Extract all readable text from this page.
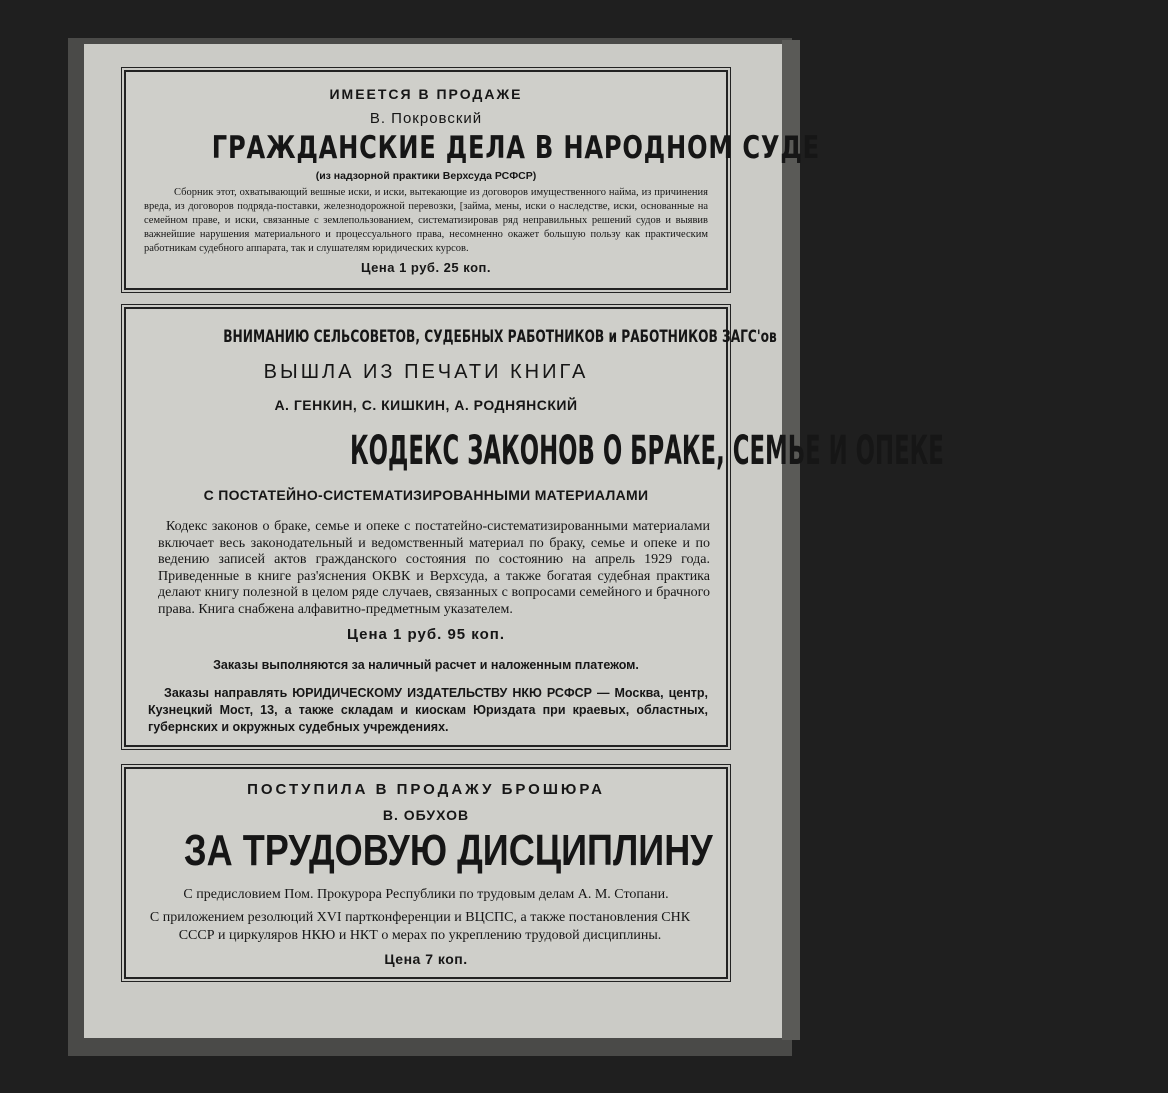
ИМЕЕТСЯ В ПРОДАЖЕ
В. Покровский
ГРАЖДАНСКИЕ ДЕЛА В НАРОДНОМ СУДЕ
(из надзорной практики Верхсуда РСФСР)
Сборник этот, охватывающий вешные иски, и иски, вытекающие из договоров имущественного найма, из причинения вреда, из договоров подряда-поставки, железнодорожной перевозки, [займа, мены, иски о наследстве, иски, основанные на семейном праве, и иски, связанные с землепользованием, систематизировав ряд неправильных решений судов и выявив важнейшие нарушения материального и процессуального права, несомненно окажет большую пользу как практическим работникам судебного аппарата, так и слушателям юридических курсов.
Цена 1 руб. 25 коп.
ВНИМАНИЮ СЕЛЬСОВЕТОВ, СУДЕБНЫХ РАБОТНИКОВ и РАБОТНИКОВ ЗАГС'ов
ВЫШЛА ИЗ ПЕЧАТИ КНИГА
А. ГЕНКИН, С. КИШКИН, А. РОДНЯНСКИЙ
КОДЕКС ЗАКОНОВ О БРАКЕ, СЕМЬЕ И ОПЕКЕ
С ПОСТАТЕЙНО-СИСТЕМАТИЗИРОВАННЫМИ МАТЕРИАЛАМИ
Кодекс законов о браке, семье и опеке с постатейно-систематизированными материалами включает весь законодательный и ведомственный материал по браку, семье и опеке и по ведению записей актов гражданского состояния по состоянию на апрель 1929 года. Приведенные в книге раз'яснения ОКВК и Верхсуда, а также богатая судебная практика делают книгу полезной в целом ряде случаев, связанных с вопросами семейного и брачного права. Книга снабжена алфавитно-предметным указателем.
Цена 1 руб. 95 коп.
Заказы выполняются за наличный расчет и наложенным платежом.
Заказы направлять ЮРИДИЧЕСКОМУ ИЗДАТЕЛЬСТВУ НКЮ РСФСР — Москва, центр, Кузнецкий Мост, 13, а также складам и киоскам Юриздата при краевых, областных, губернских и окружных судебных учреждениях.
ПОСТУПИЛА В ПРОДАЖУ БРОШЮРА
В. ОБУХОВ
ЗА ТРУДОВУЮ ДИСЦИПЛИНУ
С предисловием Пом. Прокурора Республики по трудовым делам А. М. Стопани.
С приложением резолюций XVI партконференции и ВЦСПС, а также постановления СНК СССР и циркуляров НКЮ и НКТ о мерах по укреплению трудовой дисциплины.
Цена 7 коп.
